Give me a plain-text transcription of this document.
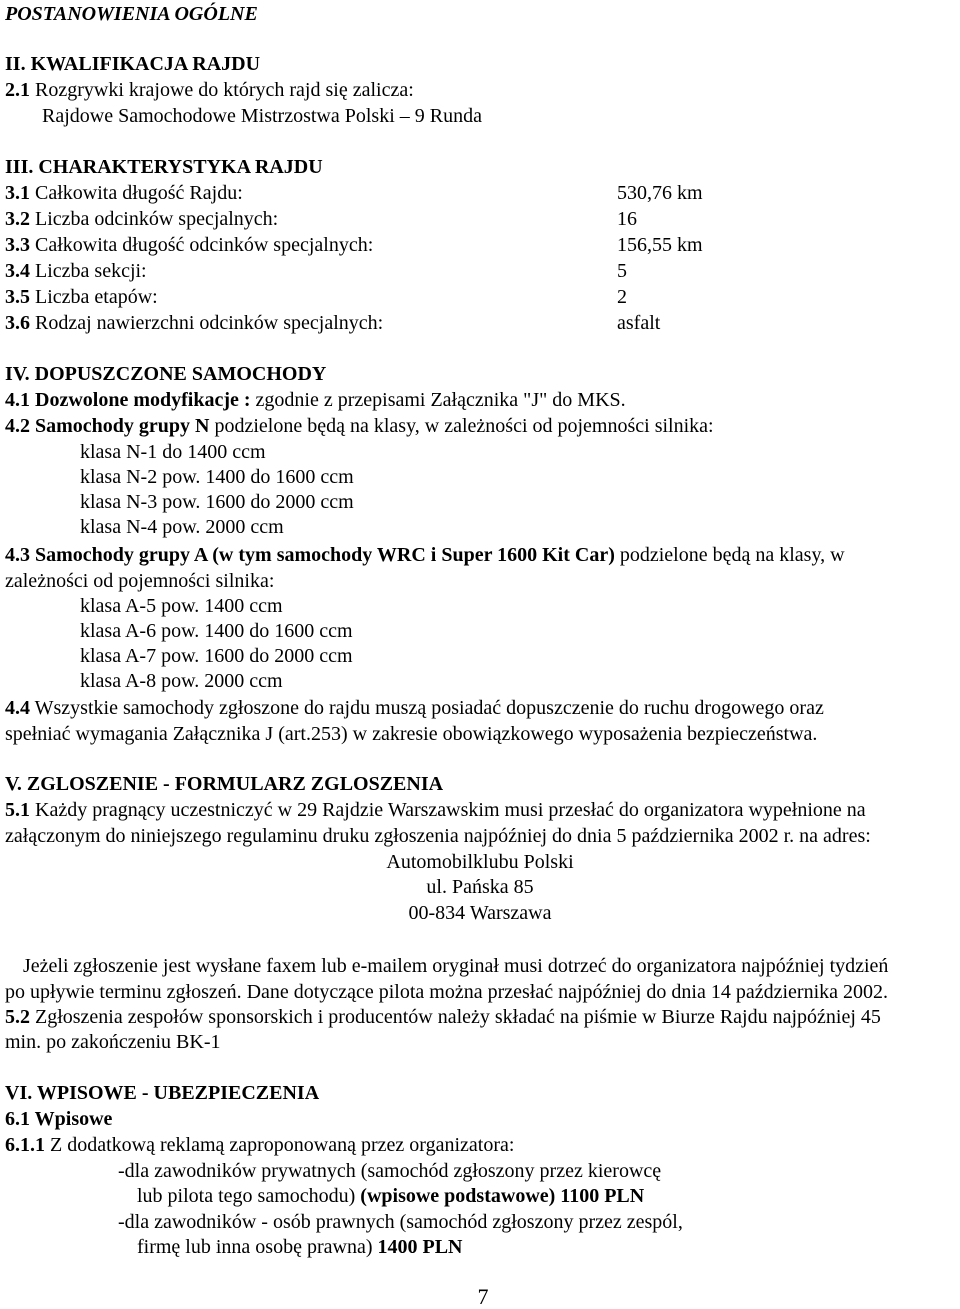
POSTANOWIENIA OGÓLNE
II. KWALIFIKACJA RAJDU
2.1 Rozgrywki krajowe do których rajd się zalicza:
Rajdowe Samochodowe Mistrzostwa Polski – 9 Runda
III. CHARAKTERYSTYKA RAJDU
3.1 Całkowita długość Rajdu:	530,76 km
3.2 Liczba odcinków specjalnych:	16
3.3 Całkowita długość odcinków specjalnych:	156,55 km
3.4 Liczba sekcji:	5
3.5 Liczba etapów:	2
3.6 Rodzaj nawierzchni odcinków specjalnych:	asfalt
IV. DOPUSZCZONE SAMOCHODY
4.1 Dozwolone modyfikacje : zgodnie z przepisami Załącznika "J" do MKS.
4.2 Samochody grupy N podzielone będą na klasy, w zależności od pojemności silnika:
klasa N-1 do 1400 ccm
klasa N-2 pow. 1400 do 1600 ccm
klasa N-3 pow. 1600 do 2000 ccm
klasa N-4 pow. 2000 ccm
4.3 Samochody grupy A (w tym samochody WRC i Super 1600 Kit Car) podzielone będą na klasy, w
zależności od pojemności silnika:
klasa A-5 pow. 1400 ccm
klasa A-6 pow. 1400 do 1600 ccm
klasa A-7 pow. 1600 do 2000 ccm
klasa A-8 pow. 2000 ccm
4.4 Wszystkie samochody zgłoszone do rajdu muszą posiadać dopuszczenie do ruchu drogowego oraz
spełniać wymagania Załącznika J (art.253) w zakresie obowiązkowego wyposażenia bezpieczeństwa.
V. ZGLOSZENIE - FORMULARZ ZGLOSZENIA
5.1 Każdy pragnący uczestniczyć w 29 Rajdzie Warszawskim musi przesłać do organizatora wypełnione na
załączonym do niniejszego regulaminu druku zgłoszenia najpóźniej do dnia 5 października 2002 r. na adres:
Automobilklubu Polski
ul. Pańska 85
00-834 Warszawa
Jeżeli zgłoszenie jest wysłane faxem lub e-mailem oryginał musi dotrzeć do organizatora najpóźniej tydzień
po upływie terminu zgłoszeń. Dane dotyczące pilota można przesłać najpóźniej do dnia 14 października 2002.
5.2 Zgłoszenia zespołów sponsorskich i producentów należy składać na piśmie w Biurze Rajdu najpóźniej 45
min. po zakończeniu BK-1
VI. WPISOWE - UBEZPIECZENIA
6.1 Wpisowe
6.1.1 Z dodatkową reklamą zaproponowaną przez organizatora:
-dla zawodników prywatnych (samochód zgłoszony przez kierowcę
lub pilota tego samochodu) (wpisowe podstawowe) 1100 PLN
-dla zawodników - osób prawnych (samochód zgłoszony przez zespól,
firmę lub inna osobę prawna) 1400 PLN
7
